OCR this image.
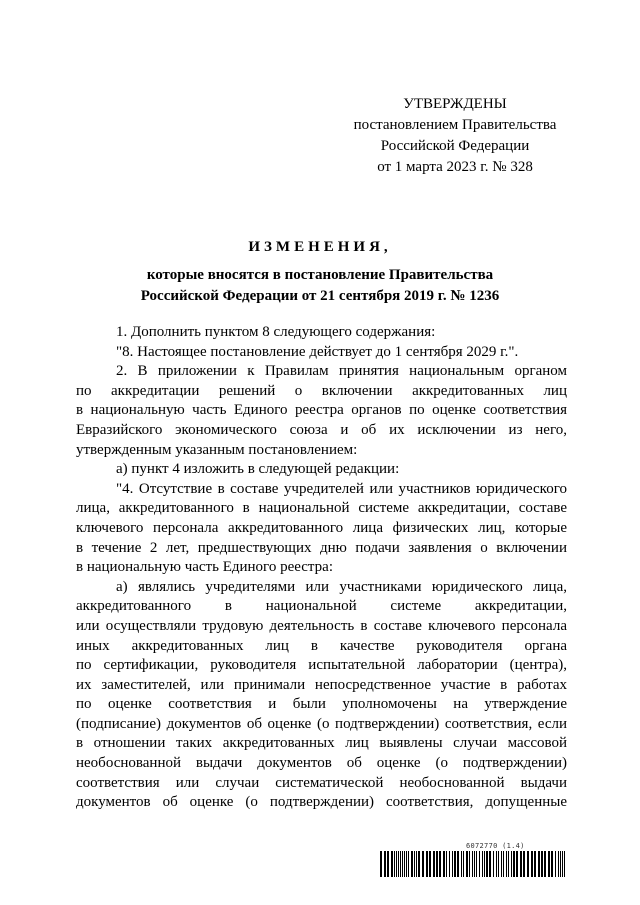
УТВЕРЖДЕНЫ
постановлением Правительства
Российской Федерации
от 1 марта 2023 г. № 328
ИЗМЕНЕНИЯ,
которые вносятся в постановление Правительства
Российской Федерации от 21 сентября 2019 г. № 1236
1. Дополнить пунктом 8 следующего содержания:
"8. Настоящее постановление действует до 1 сентября 2029 г.".
2. В приложении к Правилам принятия национальным органом
по аккредитации решений о включении аккредитованных лиц
в национальную часть Единого реестра органов по оценке соответствия
Евразийского экономического союза и об их исключении из него,
утвержденным указанным постановлением:
а) пункт 4 изложить в следующей редакции:
"4. Отсутствие в составе учредителей или участников юридического
лица, аккредитованного в национальной системе аккредитации, составе
ключевого персонала аккредитованного лица физических лиц, которые
в течение 2 лет, предшествующих дню подачи заявления о включении
в национальную часть Единого реестра:
а) являлись учредителями или участниками юридического лица,
аккредитованного в национальной системе аккредитации,
или осуществляли трудовую деятельность в составе ключевого персонала
иных аккредитованных лиц в качестве руководителя органа
по сертификации, руководителя испытательной лаборатории (центра),
их заместителей, или принимали непосредственное участие в работах
по оценке соответствия и были уполномочены на утверждение
(подписание) документов об оценке (о подтверждении) соответствия, если
в отношении таких аккредитованных лиц выявлены случаи массовой
необоснованной выдачи документов об оценке (о подтверждении)
соответствия или случаи систематической необоснованной выдачи
документов об оценке (о подтверждении) соответствия, допущенные
6072770 (1.4)
